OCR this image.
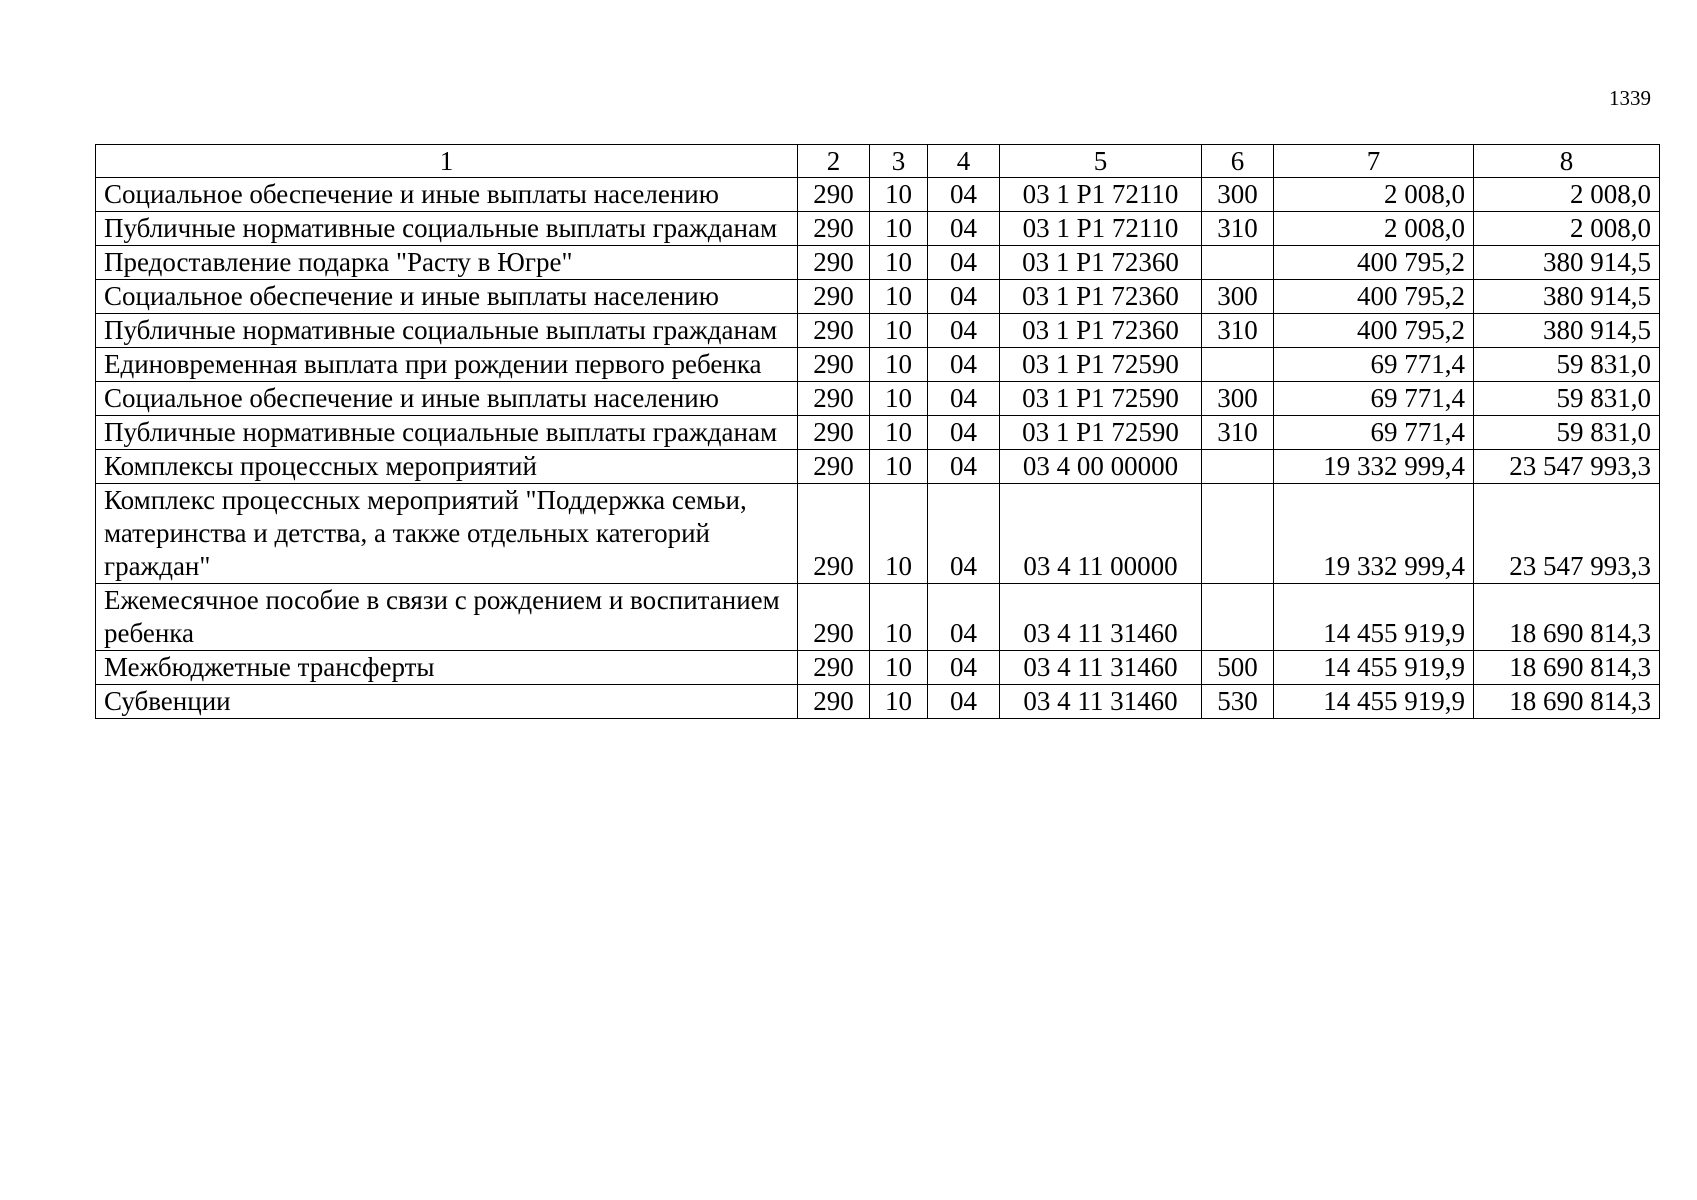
1339
1	2	3	4	5	6	7	8
Социальное обеспечение и иные выплаты населению	290	10	04	03 1 Р1 72110	300	2 008,0	2 008,0
Публичные нормативные социальные выплаты гражданам	290	10	04	03 1 Р1 72110	310	2 008,0	2 008,0
Предоставление подарка "Расту в Югре"	290	10	04	03 1 Р1 72360		400 795,2	380 914,5
Социальное обеспечение и иные выплаты населению	290	10	04	03 1 Р1 72360	300	400 795,2	380 914,5
Публичные нормативные социальные выплаты гражданам	290	10	04	03 1 Р1 72360	310	400 795,2	380 914,5
Единовременная выплата при рождении первого ребенка	290	10	04	03 1 Р1 72590		69 771,4	59 831,0
Социальное обеспечение и иные выплаты населению	290	10	04	03 1 Р1 72590	300	69 771,4	59 831,0
Публичные нормативные социальные выплаты гражданам	290	10	04	03 1 Р1 72590	310	69 771,4	59 831,0
Комплексы процессных мероприятий	290	10	04	03 4 00 00000		19 332 999,4	23 547 993,3
Комплекс процессных мероприятий "Поддержка семьи, материнства и детства, а также отдельных категорий граждан"	290	10	04	03 4 11 00000		19 332 999,4	23 547 993,3
Ежемесячное пособие в связи с рождением и воспитанием ребенка	290	10	04	03 4 11 31460		14 455 919,9	18 690 814,3
Межбюджетные трансферты	290	10	04	03 4 11 31460	500	14 455 919,9	18 690 814,3
Субвенции	290	10	04	03 4 11 31460	530	14 455 919,9	18 690 814,3
